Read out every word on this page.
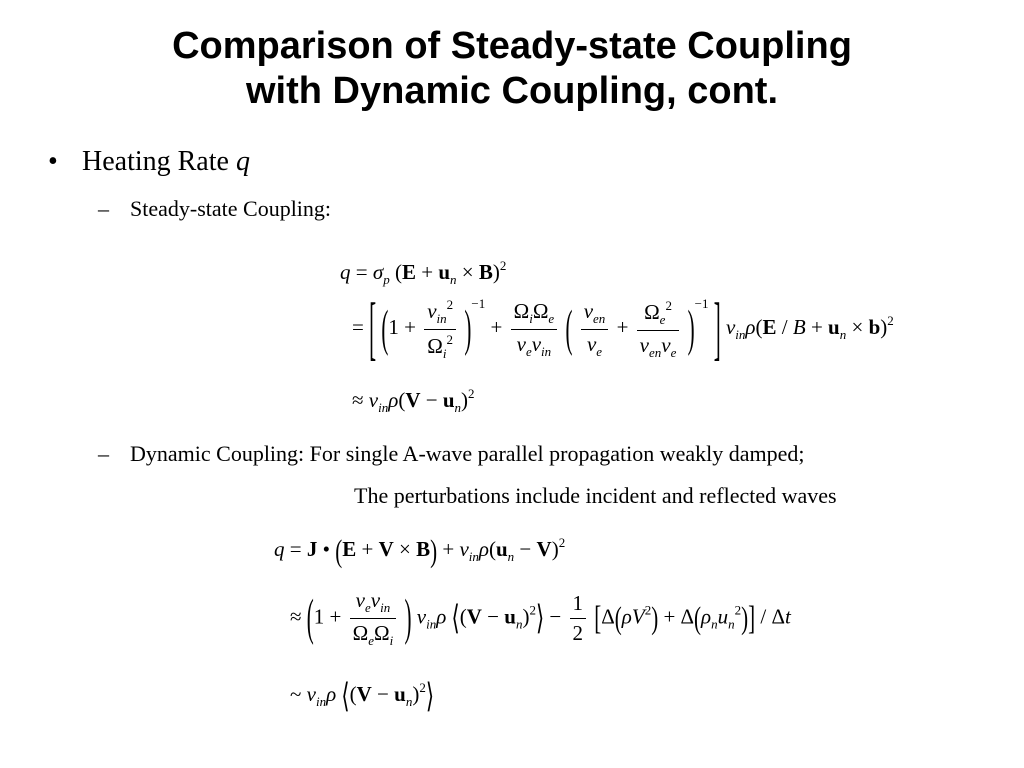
Comparison of Steady-state Coupling
with Dynamic Coupling, cont.
• Heating Rate q
– Steady-state Coupling:
$q = \sigma_p$ $(E + u_n \times B)^2$
= [ $(1 + \frac{\nu_{in}^2}{\Omega_i^2} )^{-1} + \frac{\Omega_i\Omega_e}{\nu_e\nu_{in}}$ ( $\frac{\nu_{en}}{\nu_e} + \frac{\Omega_e^2}{\nu_{en}\nu_e} )^{-1}$ ] $\nu_{in}\rho(E / B + u_n \times b)^2$
≈ $\nu_{in}\rho(V - u_n)^2$
– Dynamic Coupling: For single A-wave parallel propagation weakly damped;
The perturbations include incident and reflected waves
q = J • $(E + V \times B) + \nu_{in}\rho(u_n - V)^2$
≈ ($1 + \frac{\nu_e\nu_{in}}{\Omega_e\Omega_i}$ ) $\nu_{in}\rho$ ⟨(V − $u_n)^2⟩ - \frac{1}{2} [\Delta(\rho V^2) + \Delta(\rho_nu_n^2)] / \Delta t$
~ $\nu_{in}\rho$ ⟨(V − $u_n)^2⟩$
